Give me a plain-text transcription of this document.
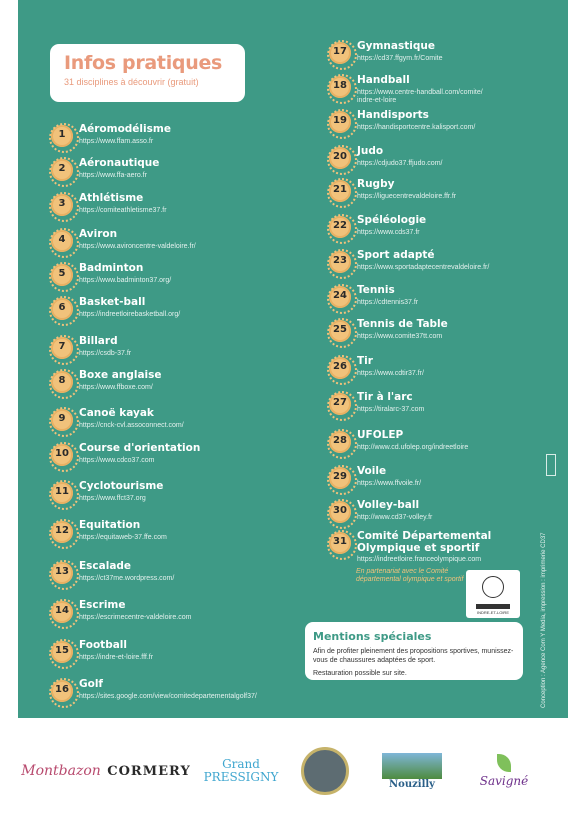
Infos pratiques
31 disciplines à découvrir (gratuit)
1	Aéromodélisme
https://www.ffam.asso.fr
2	Aéronautique
https://www.ffa-aero.fr
3	Athlétisme
https://comiteathletisme37.fr
4	Aviron
https://www.avironcentre-valdeloire.fr/
5	Badminton
https://www.badminton37.org/
6	Basket-ball
https://indreetloirebasketball.org/
7	Billard
https://csdb-37.fr
8	Boxe anglaise
https://www.ffboxe.com/
9	Canoë kayak
https://cnck-cvl.assoconnect.com/
10 Course d'orientation
https://www.cdco37.com
11 Cyclotourisme
https://www.ffct37.org
12 Equitation
https://equitaweb-37.ffe.com
13 Escalade
https://ct37me.wordpress.com/
14 Escrime
https://escrimecentre-valdeloire.com
15 Football
https://indre-et-loire.fff.fr
16 Golf
https://sites.google.com/view/comitedepartementalgolf37/
17 Gymnastique
https://cd37.ffgym.fr/Comite
18 Handball
https://www.centre-handball.com/comite/
indre-et-loire
19 Handisports
https://handisportcentre.kalisport.com/
20 Judo
https://cdjudo37.ffjudo.com/
21 Rugby
https://liguecentrevaldeloire.ffr.fr
22 Spéléologie
https://www.cds37.fr
23 Sport adapté
https://www.sportadaptecentrevaldeloire.fr/
24 Tennis
https://cdtennis37.fr
25 Tennis de Table
https://www.comite37tt.com
26 Tir
https://www.cdtir37.fr/
27 Tir à l'arc
https://tiralarc-37.com
28 UFOLEP
http://www.cd.ufolep.org/indreetloire
29 Voile
https://www.ffvoile.fr/
30 Volley-ball
http://www.cd37-volley.fr
31 Comité Départemental
Olympique et sportif
https://indreetloire.franceolympique.com
En partenariat avec le Comité départemental olympique et sportif
INDRE-ET-LOIRE
Mentions spéciales

Afin de profiter pleinement des propositions sportives, munissez-vous de chaussures adaptées de sport.

Restauration possible sur site.	Conception : Agence Com Y Media, impression : imprimerie CD37
Montbazon CORMERY	Grand PRESSIGNY	Nouzilly	Savigné
